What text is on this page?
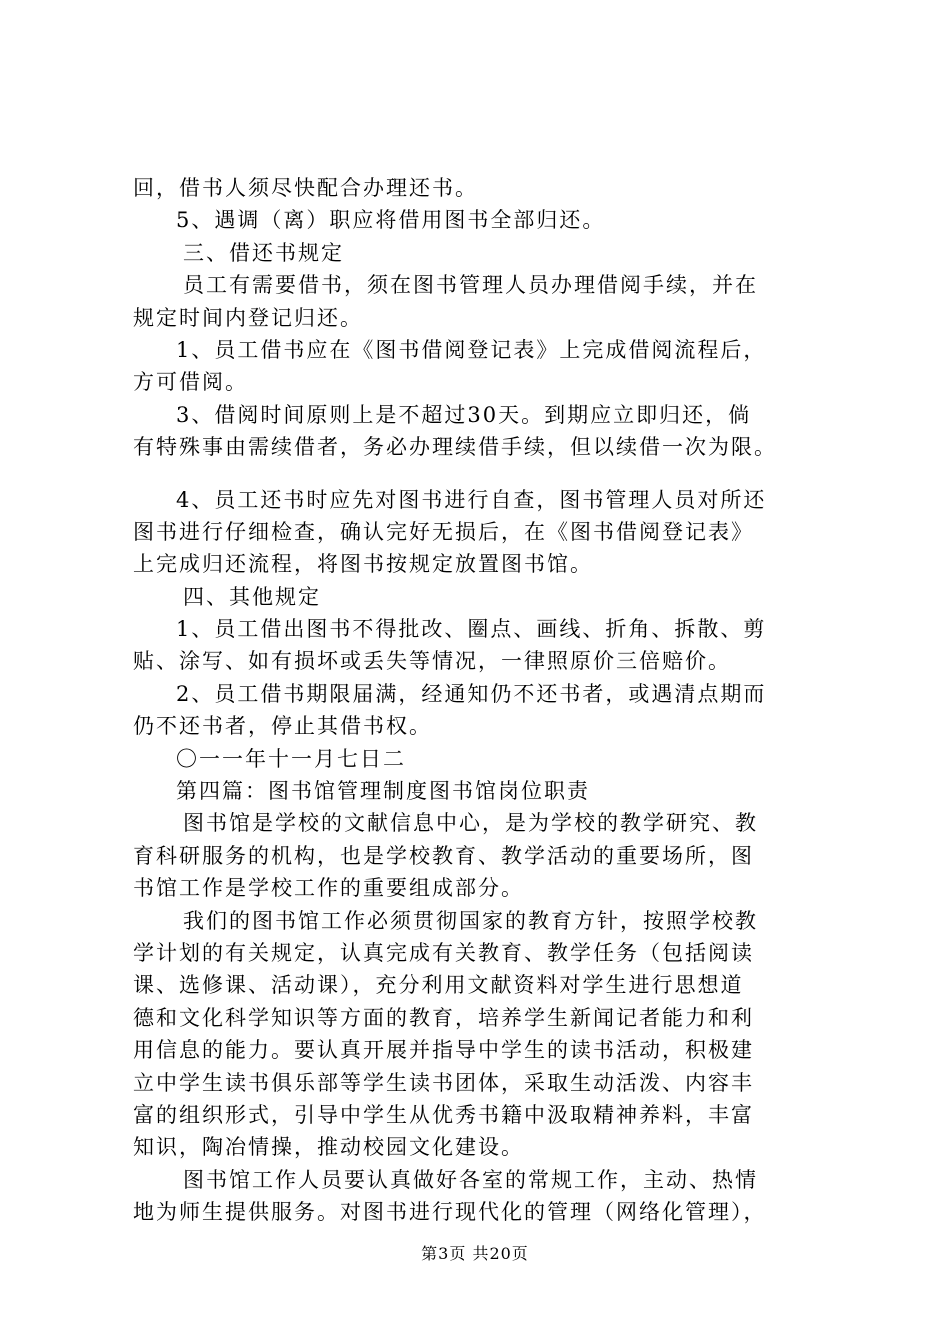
回，借书人须尽快配合办理还书。
5、遇调（离）职应将借用图书全部归还。
三、借还书规定
员工有需要借书，须在图书管理人员办理借阅手续，并在
规定时间内登记归还。
1、员工借书应在《图书借阅登记表》上完成借阅流程后，
方可借阅。
3、借阅时间原则上是不超过30天。到期应立即归还，倘
有特殊事由需续借者，务必办理续借手续，但以续借一次为限。
4、员工还书时应先对图书进行自查，图书管理人员对所还
图书进行仔细检查，确认完好无损后，在《图书借阅登记表》
上完成归还流程，将图书按规定放置图书馆。
四、其他规定
1、员工借出图书不得批改、圈点、画线、折角、拆散、剪
贴、涂写、如有损坏或丢失等情况，一律照原价三倍赔价。
2、员工借书期限届满，经通知仍不还书者，或遇清点期而
仍不还书者，停止其借书权。
〇一一年十一月七日二
第四篇：图书馆管理制度图书馆岗位职责
图书馆是学校的文献信息中心，是为学校的教学研究、教
育科研服务的机构，也是学校教育、教学活动的重要场所，图
书馆工作是学校工作的重要组成部分。
我们的图书馆工作必须贯彻国家的教育方针，按照学校教
学计划的有关规定，认真完成有关教育、教学任务（包括阅读
课、选修课、活动课），充分利用文献资料对学生进行思想道
德和文化科学知识等方面的教育，培养学生新闻记者能力和利
用信息的能力。要认真开展并指导中学生的读书活动，积极建
立中学生读书俱乐部等学生读书团体，采取生动活泼、内容丰
富的组织形式，引导中学生从优秀书籍中汲取精神养料，丰富
知识，陶冶情操，推动校园文化建设。
图书馆工作人员要认真做好各室的常规工作，主动、热情
地为师生提供服务。对图书进行现代化的管理（网络化管理），
第3页 共20页
